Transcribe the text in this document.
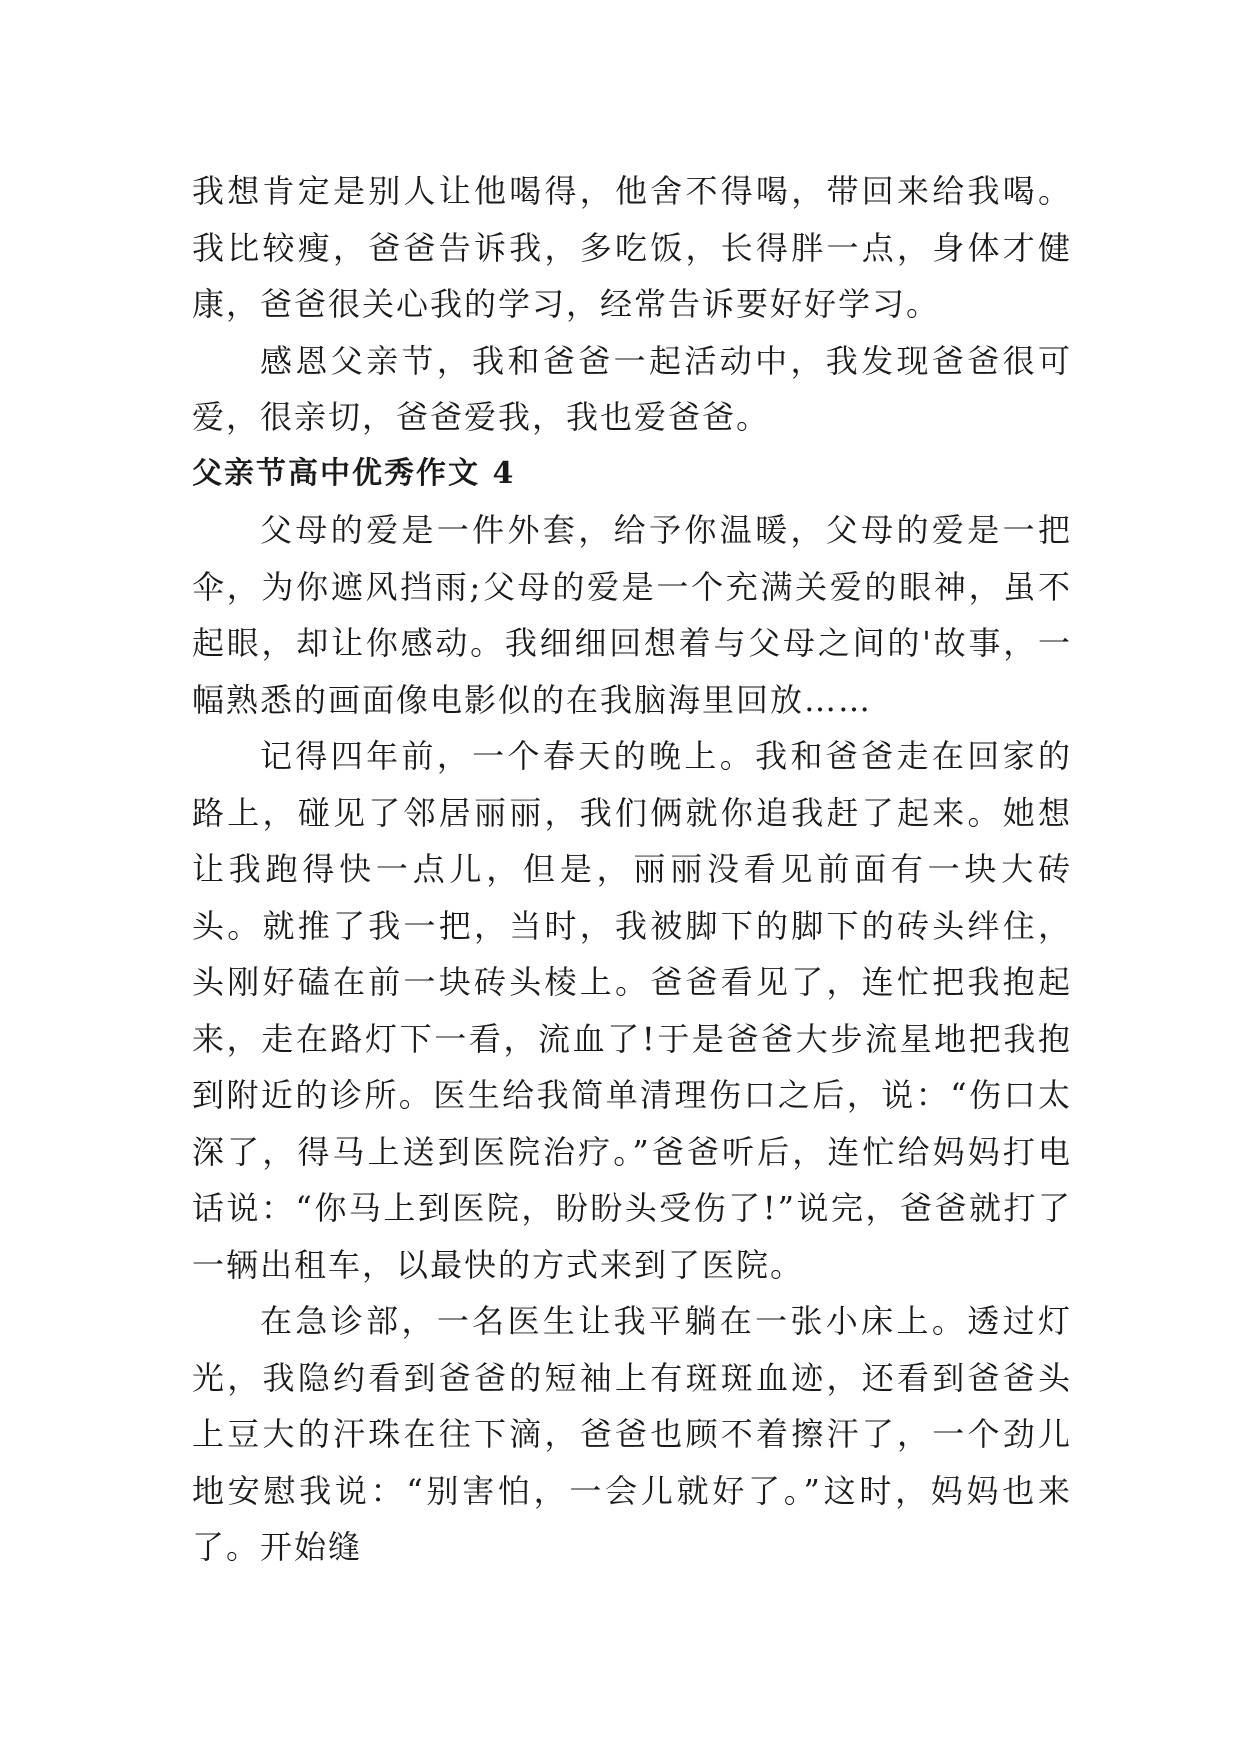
我想肯定是别人让他喝得，他舍不得喝，带回来给我喝。我比较瘦，爸爸告诉我，多吃饭，长得胖一点，身体才健康，爸爸很关心我的学习，经常告诉要好好学习。

感恩父亲节，我和爸爸一起活动中，我发现爸爸很可爱，很亲切，爸爸爱我，我也爱爸爸。

父亲节高中优秀作文 4

父母的爱是一件外套，给予你温暖，父母的爱是一把伞，为你遮风挡雨;父母的爱是一个充满关爱的眼神，虽不起眼，却让你感动。我细细回想着与父母之间的'故事，一幅熟悉的画面像电影似的在我脑海里回放……

记得四年前，一个春天的晚上。我和爸爸走在回家的路上，碰见了邻居丽丽，我们俩就你追我赶了起来。她想让我跑得快一点儿，但是，丽丽没看见前面有一块大砖头。就推了我一把，当时，我被脚下的脚下的砖头绊住，头刚好磕在前一块砖头棱上。爸爸看见了，连忙把我抱起来，走在路灯下一看，流血了!于是爸爸大步流星地把我抱到附近的诊所。医生给我简单清理伤口之后，说：“伤口太深了，得马上送到医院治疗。”爸爸听后，连忙给妈妈打电话说：“你马上到医院，盼盼头受伤了!”说完，爸爸就打了一辆出租车，以最快的方式来到了医院。

在急诊部，一名医生让我平躺在一张小床上。透过灯光，我隐约看到爸爸的短袖上有斑斑血迹，还看到爸爸头上豆大的汗珠在往下滴，爸爸也顾不着擦汗了，一个劲儿地安慰我说：“别害怕，一会儿就好了。”这时，妈妈也来了。开始缝
